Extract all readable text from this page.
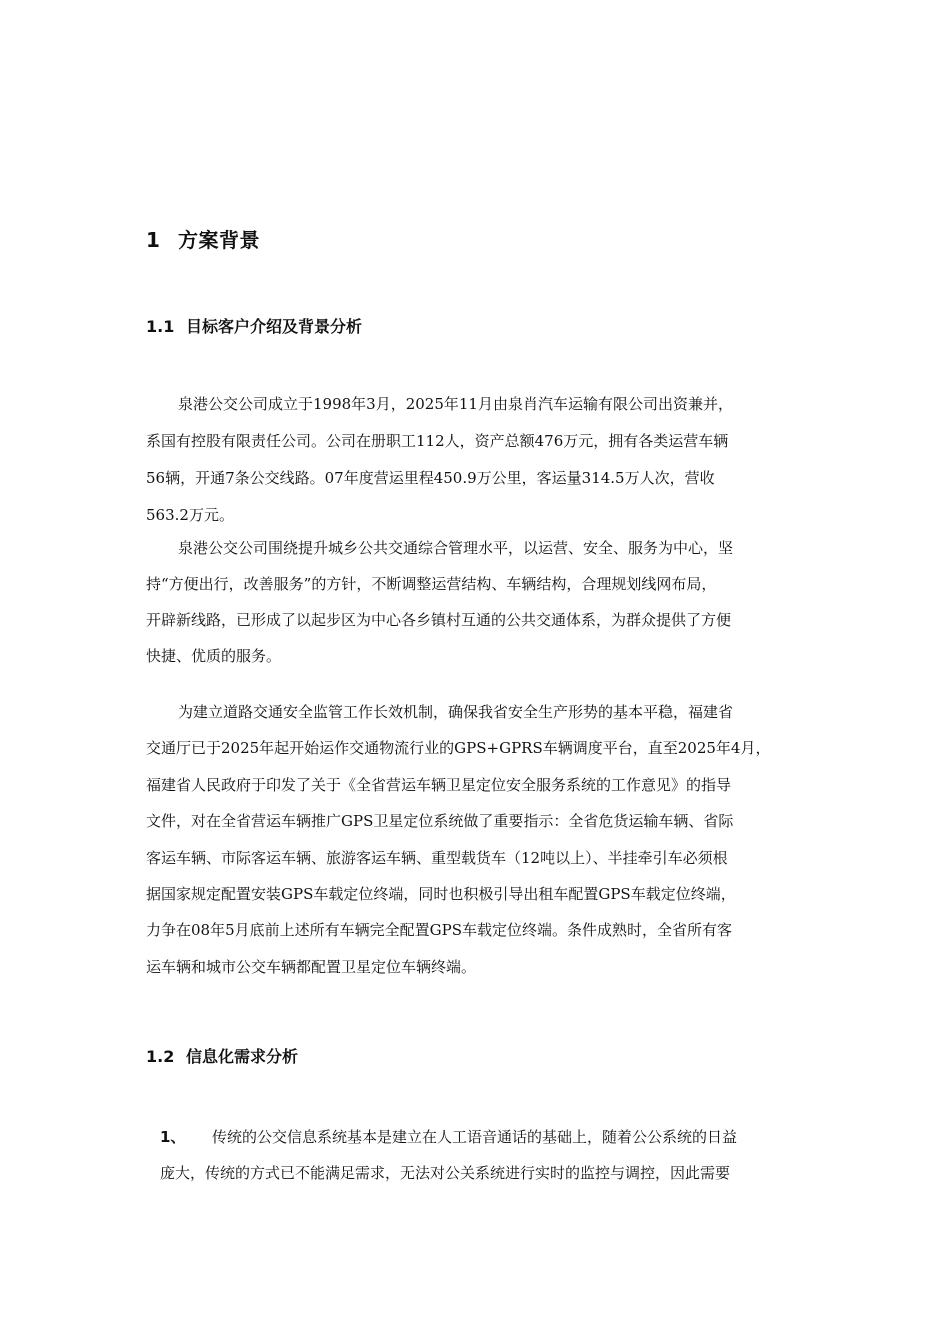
1 方案背景
1.1 目标客户介绍及背景分析
泉港公交公司成立于1998年3月，2025年11月由泉肖汽车运输有限公司出资兼并，
系国有控股有限责任公司。公司在册职工112人，资产总额476万元，拥有各类运营车辆
56辆，开通7条公交线路。07年度营运里程450.9万公里，客运量314.5万人次，营收
563.2万元。
泉港公交公司围绕提升城乡公共交通综合管理水平，以运营、安全、服务为中心，坚
持“方便出行，改善服务”的方针，不断调整运营结构、车辆结构，合理规划线网布局，
开辟新线路，已形成了以起步区为中心各乡镇村互通的公共交通体系，为群众提供了方便
快捷、优质的服务。
为建立道路交通安全监管工作长效机制，确保我省安全生产形势的基本平稳，福建省
交通厅已于2025年起开始运作交通物流行业的GPS+GPRS车辆调度平台，直至2025年4月，
福建省人民政府于印发了关于《全省营运车辆卫星定位安全服务系统的工作意见》的指导
文件，对在全省营运车辆推广GPS卫星定位系统做了重要指示：全省危货运输车辆、省际
客运车辆、市际客运车辆、旅游客运车辆、重型载货车（12吨以上）、半挂牵引车必须根
据国家规定配置安装GPS车载定位终端，同时也积极引导出租车配置GPS车载定位终端，
力争在08年5月底前上述所有车辆完全配置GPS车载定位终端。条件成熟时，全省所有客
运车辆和城市公交车辆都配置卫星定位车辆终端。
1.2 信息化需求分析
1、	传统的公交信息系统基本是建立在人工语音通话的基础上，随着公公系统的日益
庞大，传统的方式已不能满足需求，无法对公关系统进行实时的监控与调控，因此需要
